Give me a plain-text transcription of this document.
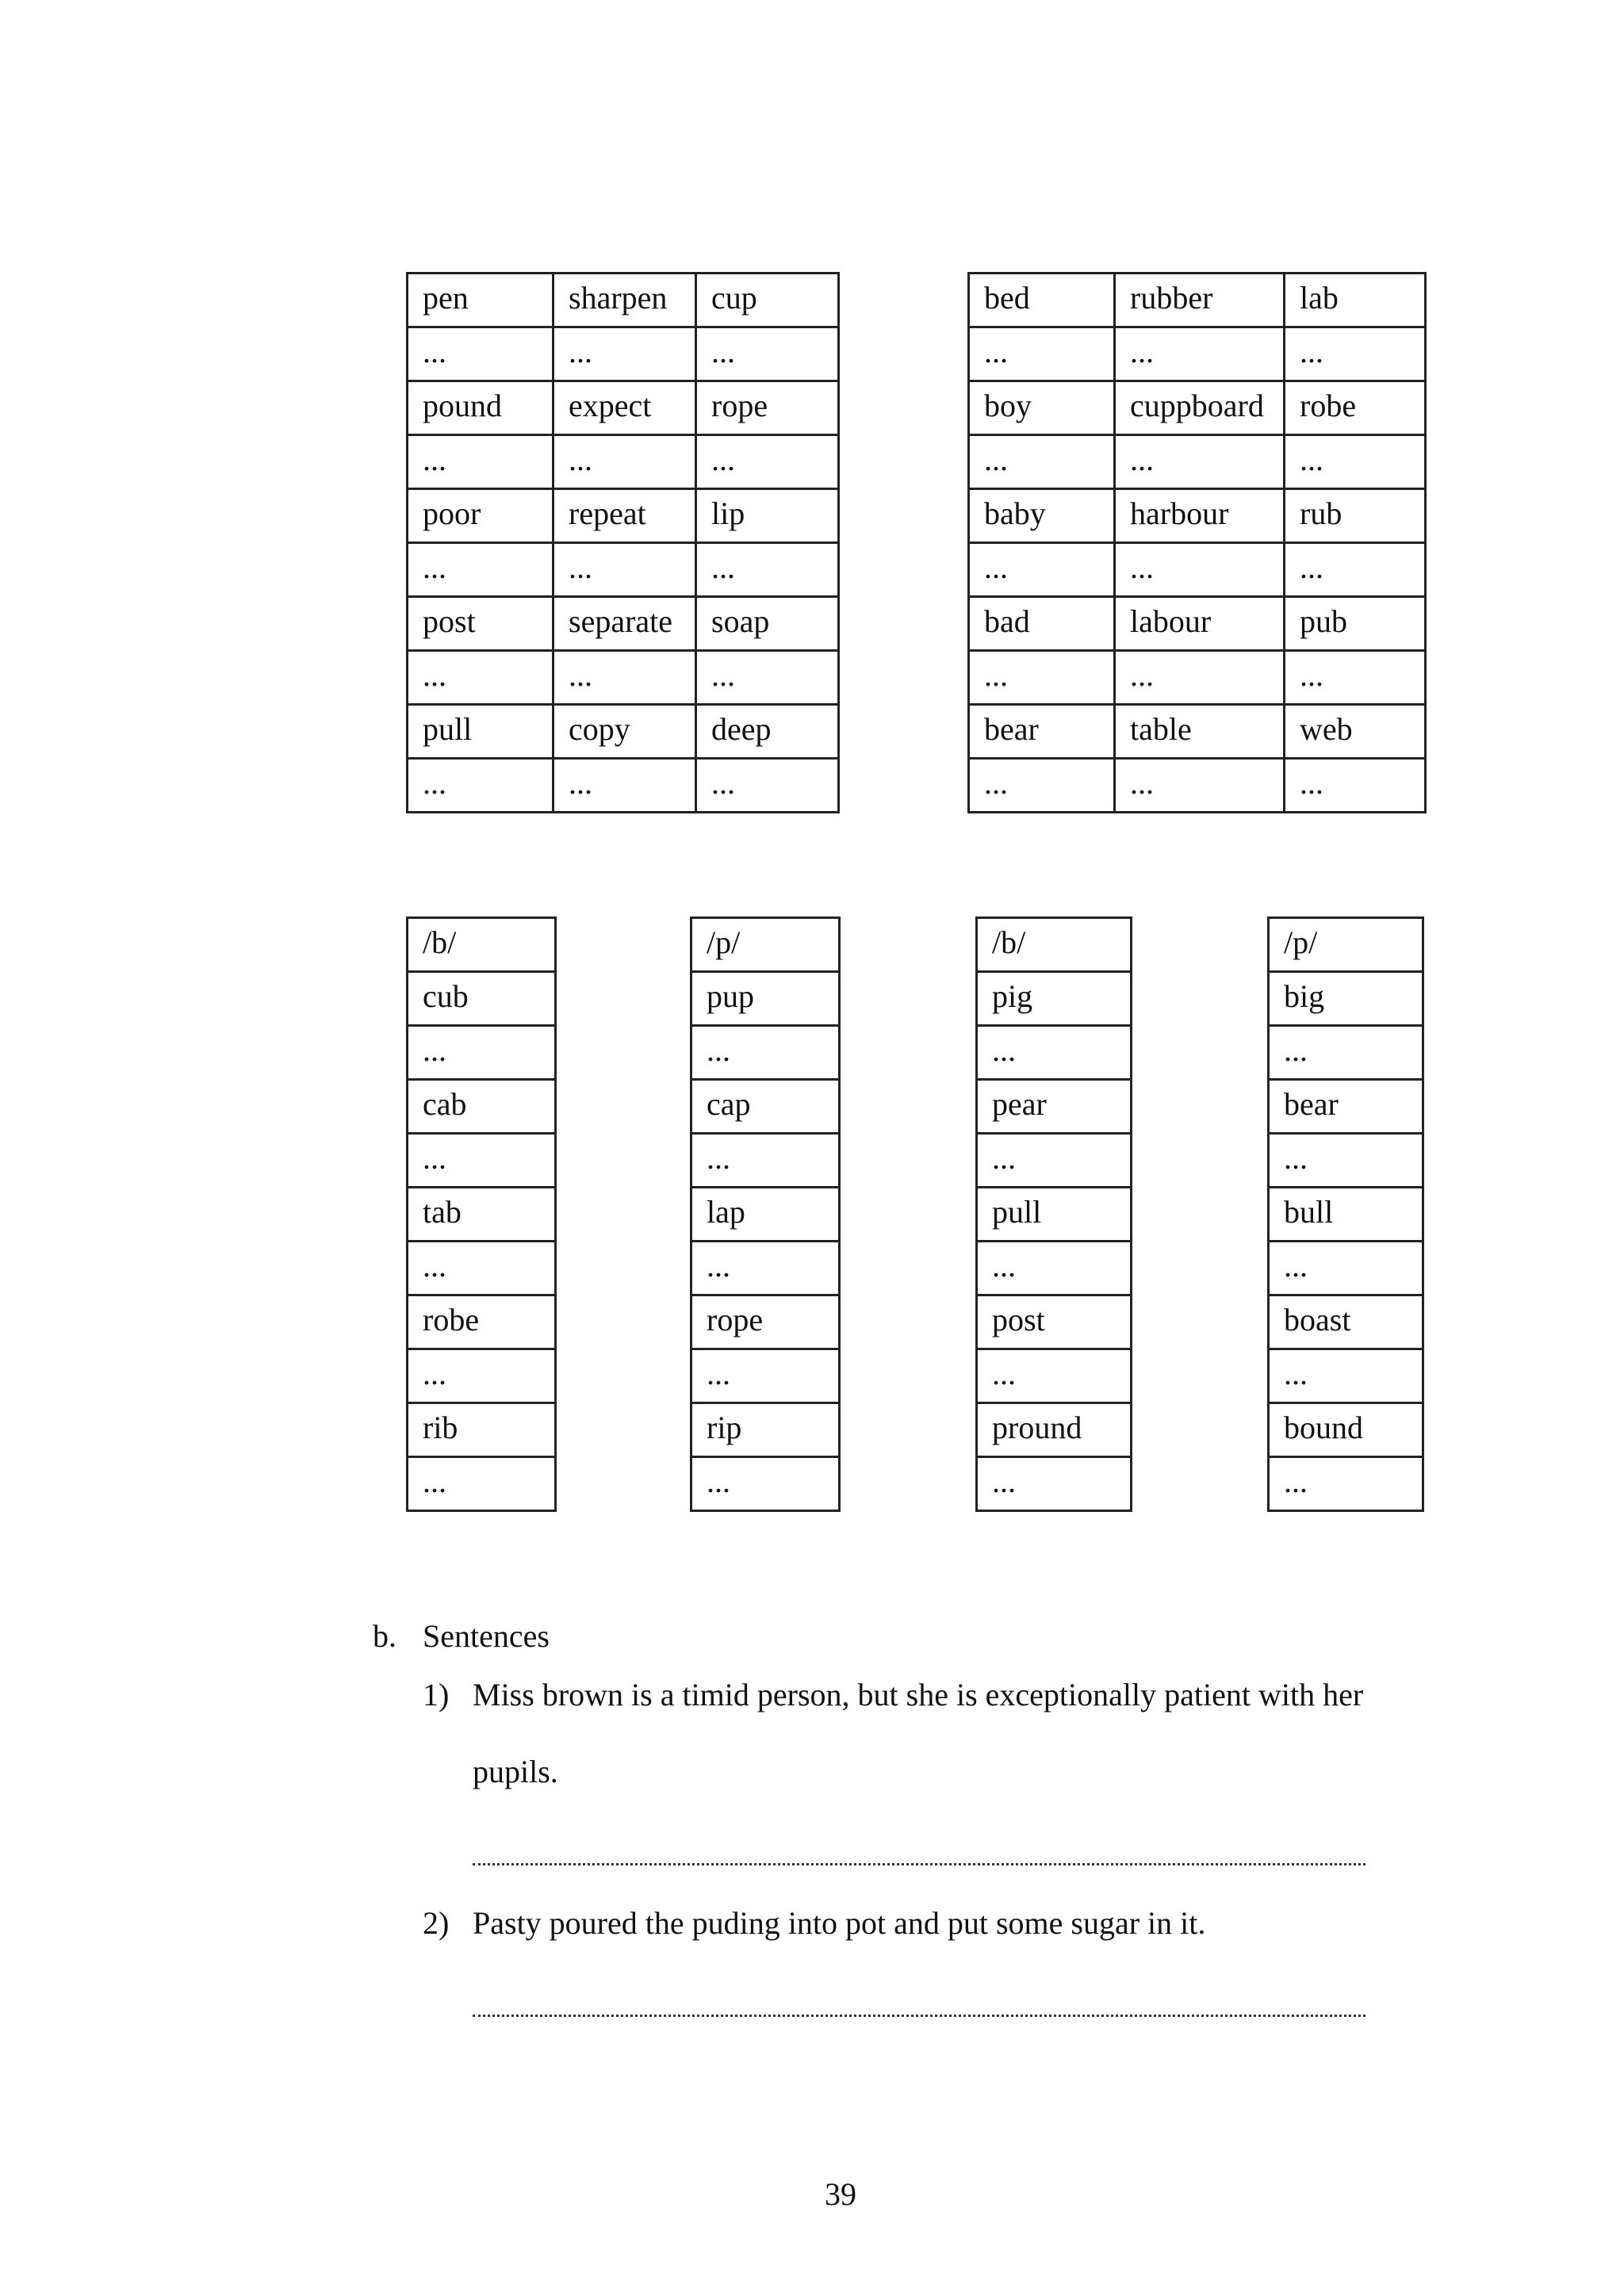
pen	sharpen	cup
...	...	...
pound	expect	rope
...	...	...
poor	repeat	lip
...	...	...
post	separate	soap
...	...	...
pull	copy	deep
...	...	...
bed	rubber	lab
...	...	...
boy	cuppboard	robe
...	...	...
baby	harbour	rub
...	...	...
bad	labour	pub
...	...	...
bear	table	web
...	...	...
/b/
cub
...
cab
...
tab
...
robe
...
rib
...
/p/
pup
...
cap
...
lap
...
rope
...
rip
...
/b/
pig
...
pear
...
pull
...
post
...
pround
...
/p/
big
...
bear
...
bull
...
boast
...
bound
...
b. Sentences
1) Miss brown is a timid person, but she is exceptionally patient with her
pupils.
2) Pasty poured the puding into pot and put some sugar in it.
39
